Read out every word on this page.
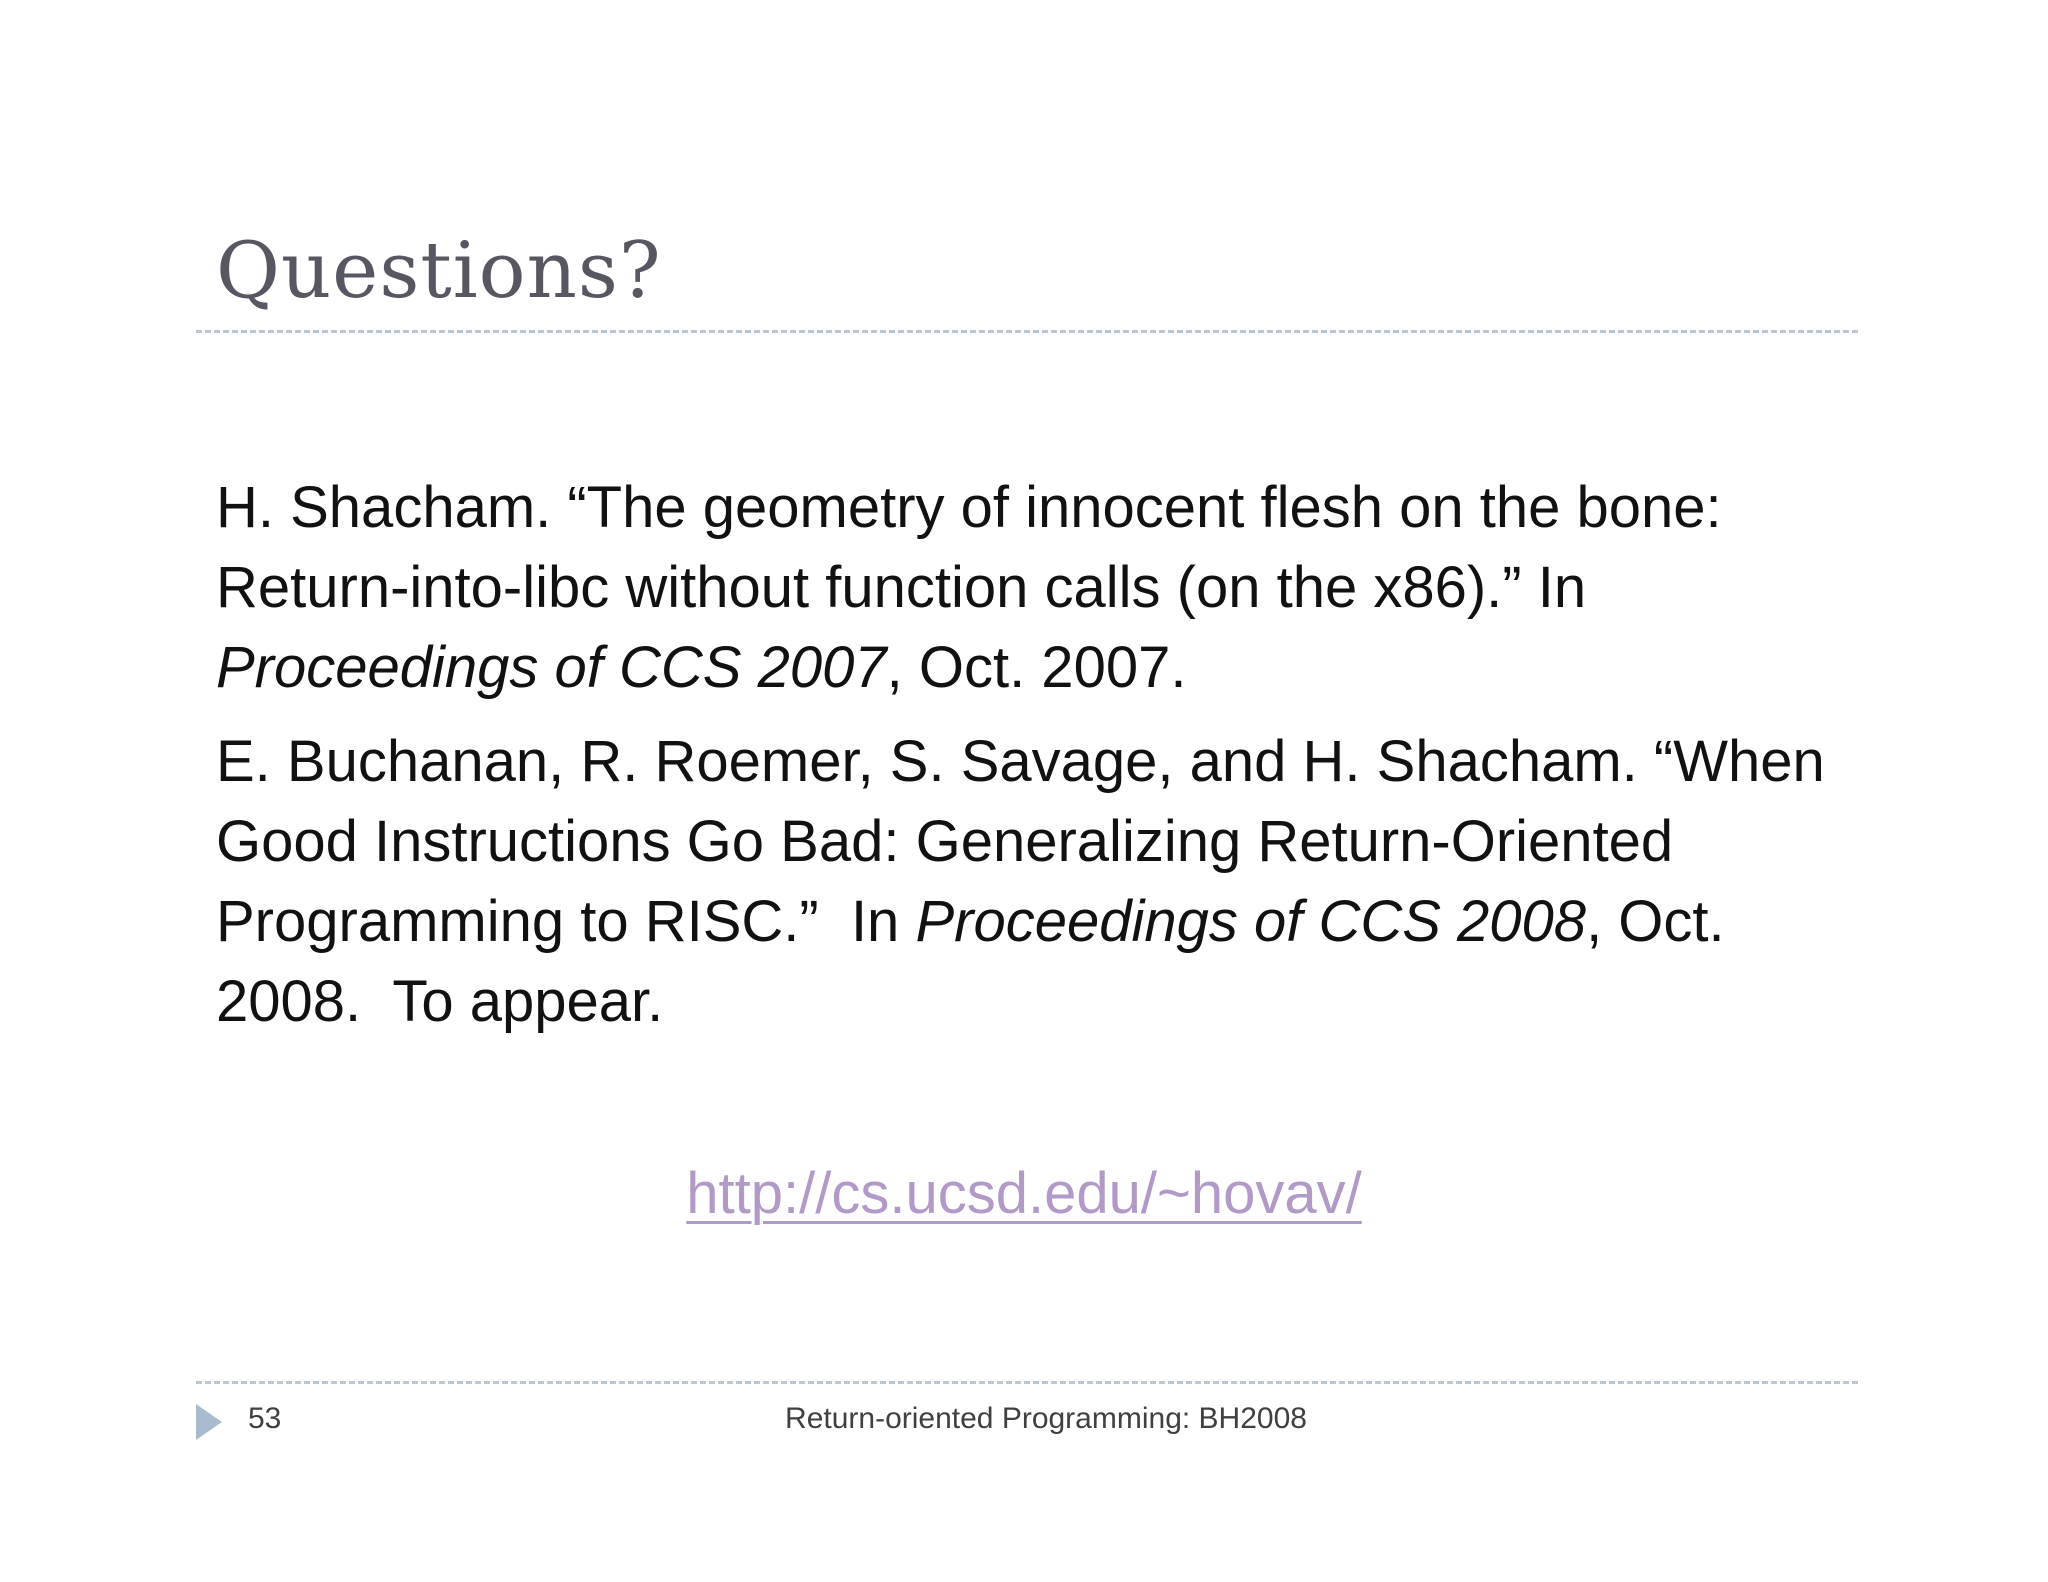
Questions?
H. Shacham. “The geometry of innocent flesh on the bone:
Return-into-libc without function calls (on the x86).” In
Proceedings of CCS 2007, Oct. 2007.
E. Buchanan, R. Roemer, S. Savage, and H. Shacham. “When
Good Instructions Go Bad: Generalizing Return-Oriented
Programming to RISC.”  In Proceedings of CCS 2008, Oct.
2008.  To appear.
http://cs.ucsd.edu/~hovav/
53	Return-oriented Programming: BH2008
